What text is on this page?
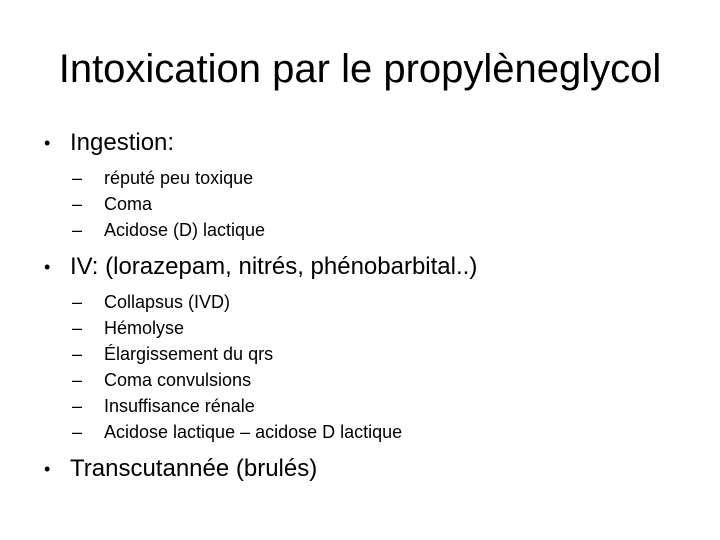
Intoxication par le propylèneglycol
• Ingestion:
– réputé peu toxique
– Coma
– Acidose (D) lactique
• IV: (lorazepam, nitrés, phénobarbital..)
– Collapsus (IVD)
– Hémolyse
– Élargissement du qrs
– Coma convulsions
– Insuffisance rénale
– Acidose lactique – acidose D lactique
• Transcutannée (brulés)
